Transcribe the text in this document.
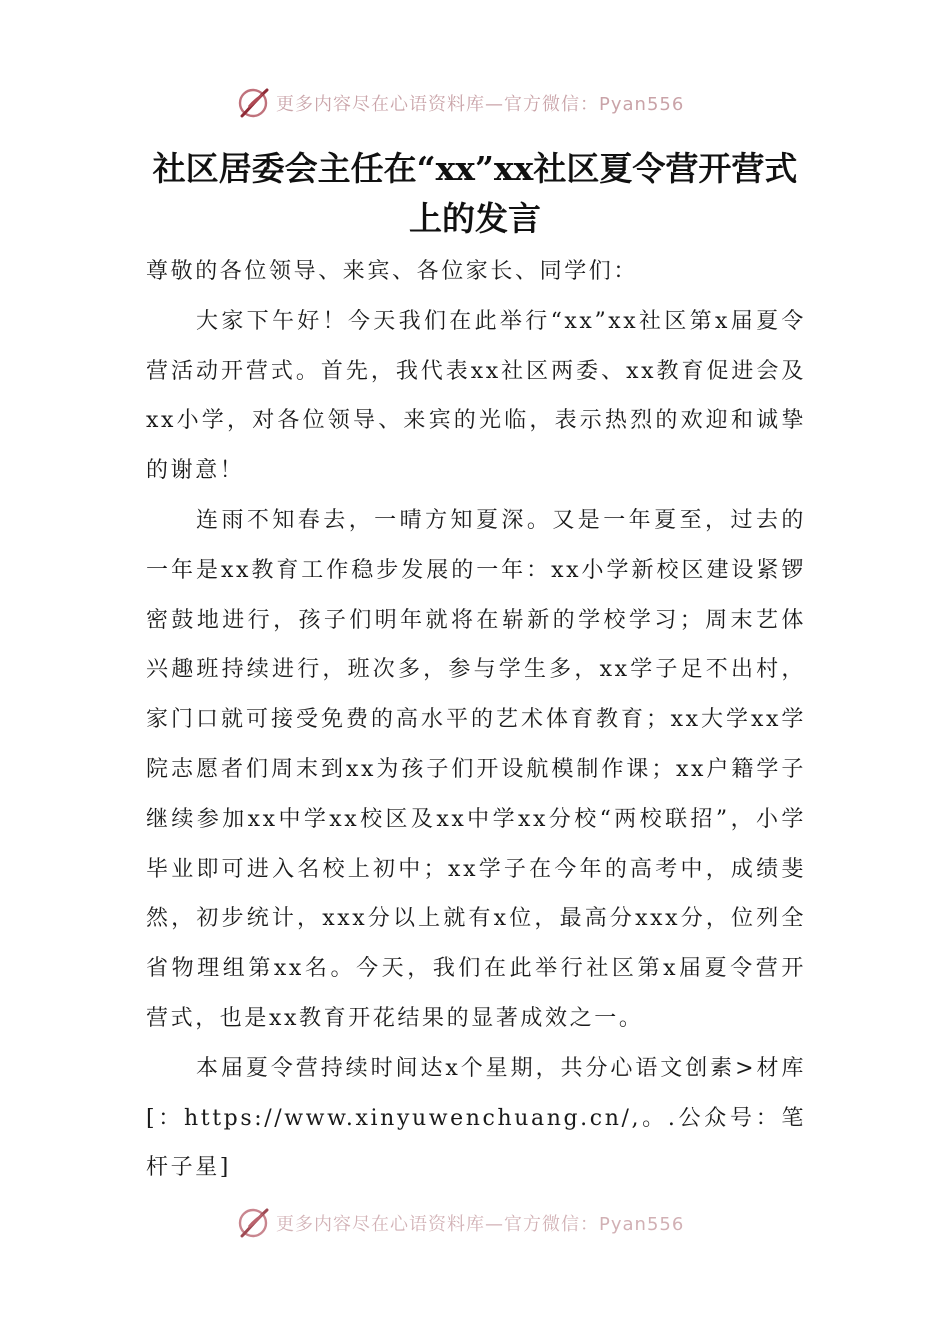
更多内容尽在心语资料库—官方微信：Pyan556
社区居委会主任在“xx”xx社区夏令营开营式上的发言

尊敬的各位领导、来宾、各位家长、同学们：

大家下午好！今天我们在此举行“xx”xx社区第x届夏令营活动开营式。首先，我代表xx社区两委、xx教育促进会及xx小学，对各位领导、来宾的光临，表示热烈的欢迎和诚挚的谢意！

连雨不知春去，一晴方知夏深。又是一年夏至，过去的一年是xx教育工作稳步发展的一年：xx小学新校区建设紧锣密鼓地进行，孩子们明年就将在崭新的学校学习；周末艺体兴趣班持续进行，班次多，参与学生多，xx学子足不出村，家门口就可接受免费的高水平的艺术体育教育；xx大学xx学院志愿者们周末到xx为孩子们开设航模制作课；xx户籍学子继续参加xx中学xx校区及xx中学xx分校“两校联招”，小学毕业即可进入名校上初中；xx学子在今年的高考中，成绩斐然，初步统计，xxx分以上就有x位，最高分xxx分，位列全省物理组第xx名。今天，我们在此举行社区第x届夏令营开营式，也是xx教育开花结果的显著成效之一。

本届夏令营持续时间达x个星期，共分心语文创素>材库[：https://www.xinyuwenchuang.cn/,。.公众号：笔杆子星]

更多内容尽在心语资料库—官方微信：Pyan556
